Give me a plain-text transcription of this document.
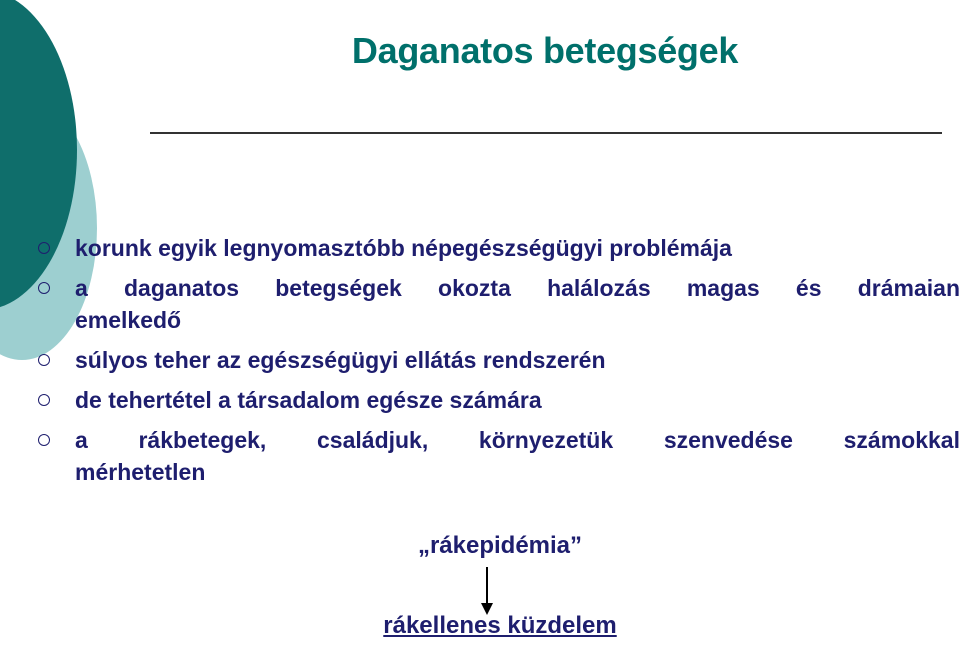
Daganatos betegségek
korunk egyik legnyomasztóbb népegészségügyi problémája
a daganatos betegségek okozta halálozás magas és drámaian emelkedő
súlyos teher az egészségügyi ellátás rendszerén
de tehertétel a társadalom egésze számára
a rákbetegek, családjuk, környezetük szenvedése számokkal mérhetetlen
„rákepidémia”
rákellenes küzdelem
